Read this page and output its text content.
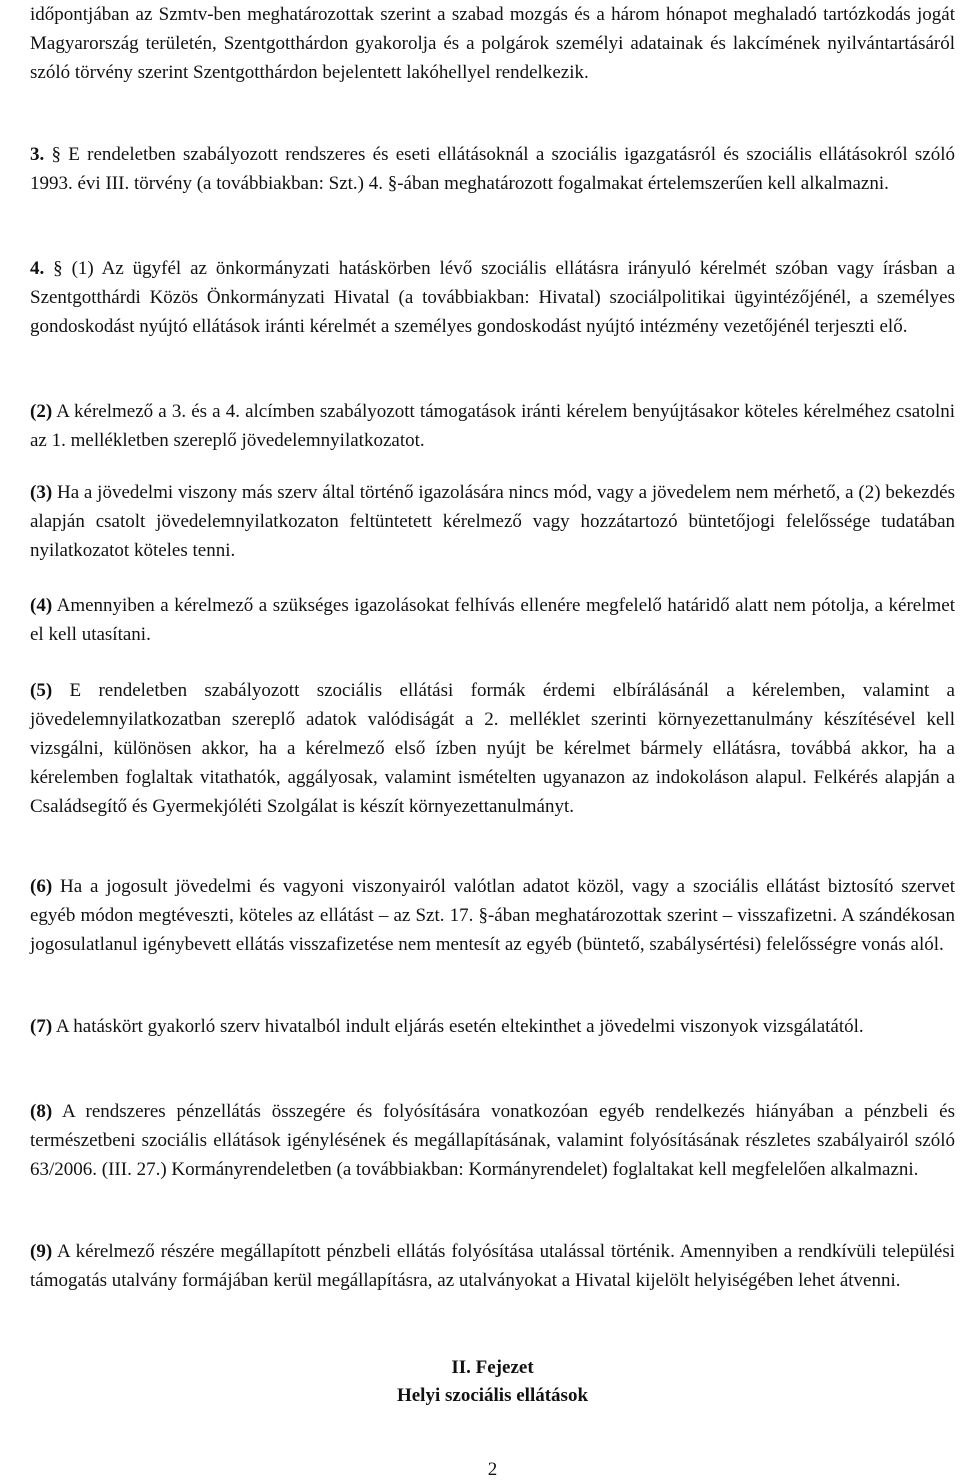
időpontjában az Szmtv-ben meghatározottak szerint a szabad mozgás és a három hónapot meghaladó tartózkodás jogát Magyarország területén, Szentgotthárdon gyakorolja és a polgárok személyi adatainak és lakcímének nyilvántartásáról szóló törvény szerint Szentgotthárdon bejelentett lakóhellyel rendelkezik.

3. § E rendeletben szabályozott rendszeres és eseti ellátásoknál a szociális igazgatásról és szociális ellátásokról szóló 1993. évi III. törvény (a továbbiakban: Szt.) 4. §-ában meghatározott fogalmakat értelemszerűen kell alkalmazni.

4. § (1) Az ügyfél az önkormányzati hatáskörben lévő szociális ellátásra irányuló kérelmét szóban vagy írásban a Szentgotthárdi Közös Önkormányzati Hivatal (a továbbiakban: Hivatal) szociálpolitikai ügyintézőjénél, a személyes gondoskodást nyújtó ellátások iránti kérelmét a személyes gondoskodást nyújtó intézmény vezetőjénél terjeszti elő.

(2) A kérelmező a 3. és a 4. alcímben szabályozott támogatások iránti kérelem benyújtásakor köteles kérelméhez csatolni az 1. mellékletben szereplő jövedelemnyilatkozatot.

(3) Ha a jövedelmi viszony más szerv által történő igazolására nincs mód, vagy a jövedelem nem mérhető, a (2) bekezdés alapján csatolt jövedelemnyilatkozaton feltüntetett kérelmező vagy hozzátartozó büntetőjogi felelőssége tudatában nyilatkozatot köteles tenni.

(4) Amennyiben a kérelmező a szükséges igazolásokat felhívás ellenére megfelelő határidő alatt nem pótolja, a kérelmet el kell utasítani.

(5) E rendeletben szabályozott szociális ellátási formák érdemi elbírálásánál a kérelemben, valamint a jövedelemnyilatkozatban szereplő adatok valódiságát a 2. melléklet szerinti környezettanulmány készítésével kell vizsgálni, különösen akkor, ha a kérelmező első ízben nyújt be kérelmet bármely ellátásra, továbbá akkor, ha a kérelemben foglaltak vitathatók, aggályosak, valamint ismételten ugyanazon az indokoláson alapul. Felkérés alapján a Családsegítő és Gyermekjóléti Szolgálat is készít környezettanulmányt.

(6) Ha a jogosult jövedelmi és vagyoni viszonyairól valótlan adatot közöl, vagy a szociális ellátást biztosító szervet egyéb módon megtéveszti, köteles az ellátást ‒ az Szt. 17. §-ában meghatározottak szerint ‒ visszafizetni. A szándékosan jogosulatlanul igénybevett ellátás visszafizetése nem mentesít az egyéb (büntető, szabálysértési) felelősségre vonás alól.

(7) A hatáskört gyakorló szerv hivatalból indult eljárás esetén eltekinthet a jövedelmi viszonyok vizsgálatától.

(8) A rendszeres pénzellátás összegére és folyósítására vonatkozóan egyéb rendelkezés hiányában a pénzbeli és természetbeni szociális ellátások igénylésének és megállapításának, valamint folyósításának részletes szabályairól szóló 63/2006. (III. 27.) Kormányrendeletben (a továbbiakban: Kormányrendelet) foglaltakat kell megfelelően alkalmazni.

(9) A kérelmező részére megállapított pénzbeli ellátás folyósítása utalással történik. Amennyiben a rendkívüli települési támogatás utalvány formájában kerül megállapításra, az utalványokat a Hivatal kijelölt helyiségében lehet átvenni.

II. Fejezet
Helyi szociális ellátások
2
